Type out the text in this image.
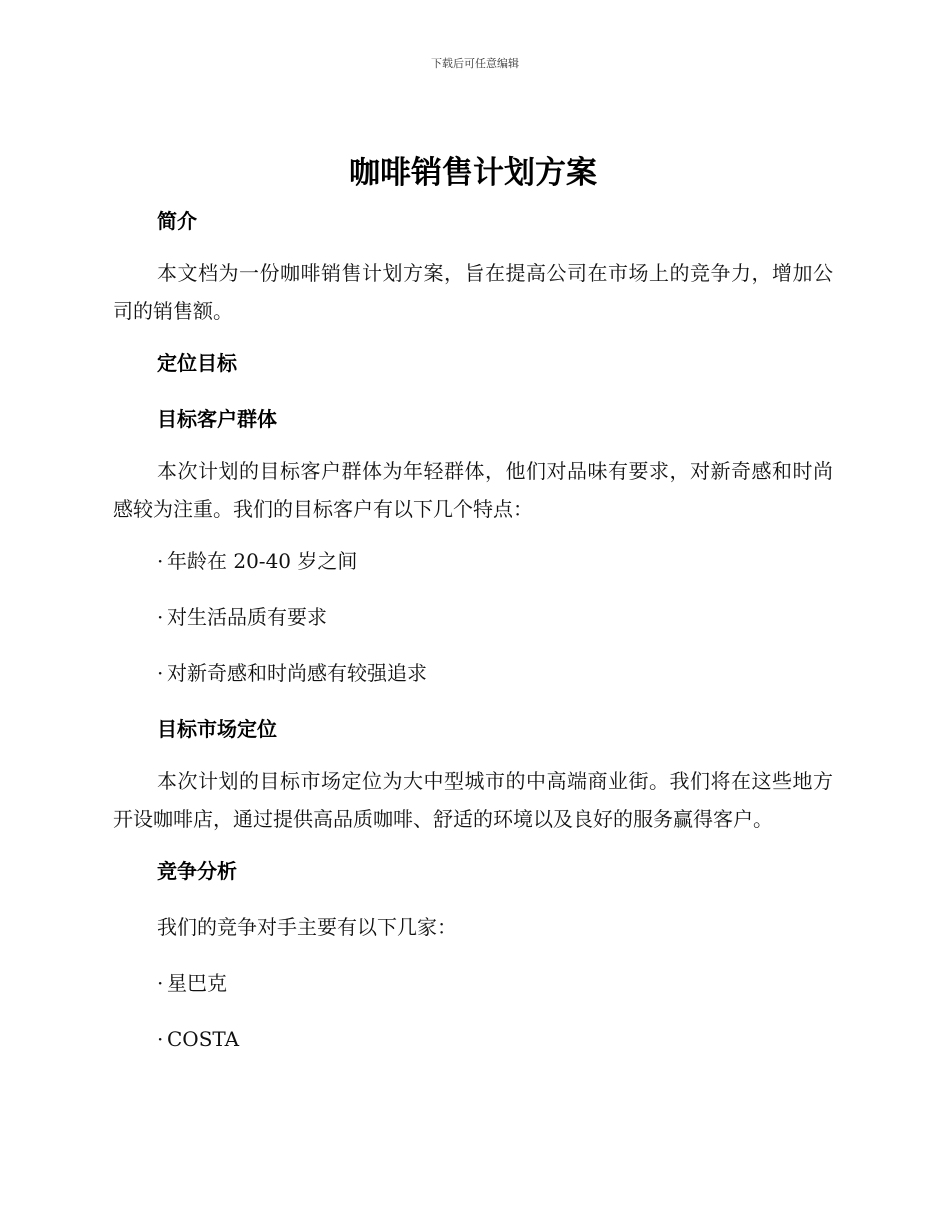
下载后可任意编辑
咖啡销售计划方案
简介

本文档为一份咖啡销售计划方案，旨在提高公司在市场上的竞争力，增加公司的销售额。

定位目标
目标客户群体

本次计划的目标客户群体为年轻群体，他们对品味有要求，对新奇感和时尚感较为注重。我们的目标客户有以下几个特点：

· 年龄在 20-40 岁之间

· 对生活品质有要求

· 对新奇感和时尚感有较强追求

目标市场定位

本次计划的目标市场定位为大中型城市的中高端商业街。我们将在这些地方开设咖啡店，通过提供高品质咖啡、舒适的环境以及良好的服务赢得客户。

竞争分析

我们的竞争对手主要有以下几家：

· 星巴克

· COSTA
